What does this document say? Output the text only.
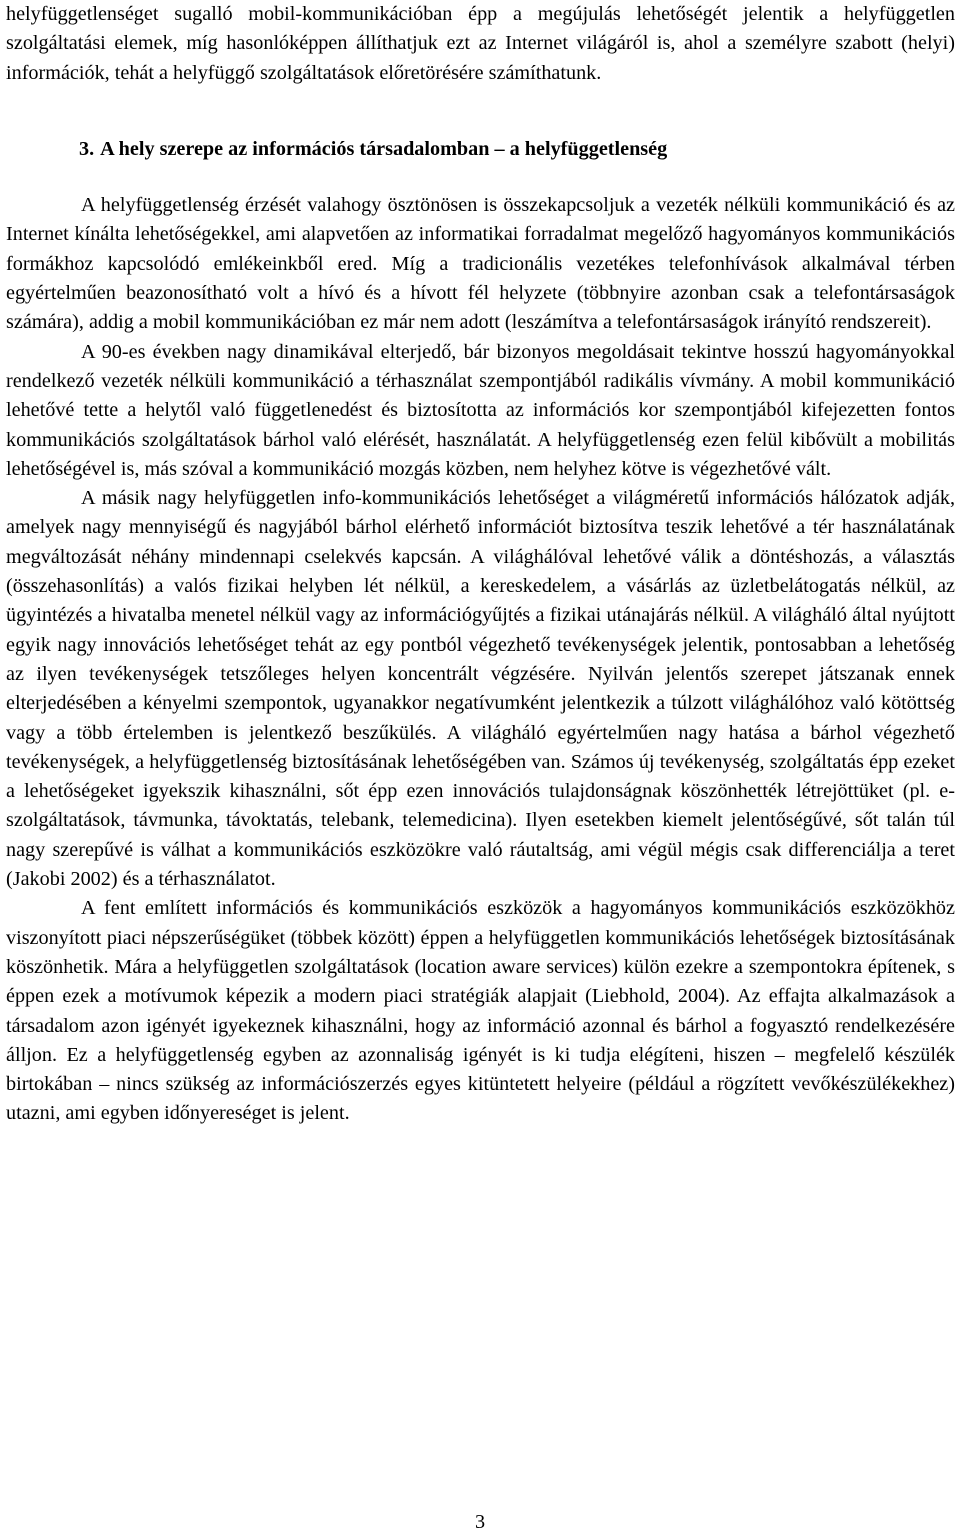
helyfüggetlenséget sugalló mobil-kommunikációban épp a megújulás lehetőségét jelentik a helyfüggetlen szolgáltatási elemek, míg hasonlóképpen állíthatjuk ezt az Internet világáról is, ahol a személyre szabott (helyi) információk, tehát a helyfüggő szolgáltatások előretörésére számíthatunk.

3. A hely szerepe az információs társadalomban – a helyfüggetlenség

A helyfüggetlenség érzését valahogy ösztönösen is összekapcsoljuk a vezeték nélküli kommunikáció és az Internet kínálta lehetőségekkel, ami alapvetően az informatikai forradalmat megelőző hagyományos kommunikációs formákhoz kapcsolódó emlékeinkből ered. Míg a tradicionális vezetékes telefonhívások alkalmával térben egyértelműen beazonosítható volt a hívó és a hívott fél helyzete (többnyire azonban csak a telefontársaságok számára), addig a mobil kommunikációban ez már nem adott (leszámítva a telefontársaságok irányító rendszereit).

A 90-es években nagy dinamikával elterjedő, bár bizonyos megoldásait tekintve hosszú hagyományokkal rendelkező vezeték nélküli kommunikáció a térhasználat szempontjából radikális vívmány. A mobil kommunikáció lehetővé tette a helytől való függetlenedést és biztosította az információs kor szempontjából kifejezetten fontos kommunikációs szolgáltatások bárhol való elérését, használatát. A helyfüggetlenség ezen felül kibővült a mobilitás lehetőségével is, más szóval a kommunikáció mozgás közben, nem helyhez kötve is végezhetővé vált.

A másik nagy helyfüggetlen info-kommunikációs lehetőséget a világméretű információs hálózatok adják, amelyek nagy mennyiségű és nagyjából bárhol elérhető információt biztosítva teszik lehetővé a tér használatának megváltozását néhány mindennapi cselekvés kapcsán. A világhálóval lehetővé válik a döntéshozás, a választás (összehasonlítás) a valós fizikai helyben lét nélkül, a kereskedelem, a vásárlás az üzletbelátogatás nélkül, az ügyintézés a hivatalba menetel nélkül vagy az információgyűjtés a fizikai utánajárás nélkül. A világháló által nyújtott egyik nagy innovációs lehetőséget tehát az egy pontból végezhető tevékenységek jelentik, pontosabban a lehetőség az ilyen tevékenységek tetszőleges helyen koncentrált végzésére. Nyilván jelentős szerepet játszanak ennek elterjedésében a kényelmi szempontok, ugyanakkor negatívumként jelentkezik a túlzott világhálóhoz való kötöttség vagy a több értelemben is jelentkező beszűkülés. A világháló egyértelműen nagy hatása a bárhol végezhető tevékenységek, a helyfüggetlenség biztosításának lehetőségében van. Számos új tevékenység, szolgáltatás épp ezeket a lehetőségeket igyekszik kihasználni, sőt épp ezen innovációs tulajdonságnak köszönhették létrejöttüket (pl. e-szolgáltatások, távmunka, távoktatás, telebank, telemedicina). Ilyen esetekben kiemelt jelentőségűvé, sőt talán túl nagy szerepűvé is válhat a kommunikációs eszközökre való ráutaltság, ami végül mégis csak differenciálja a teret (Jakobi 2002) és a térhasználatot.

A fent említett információs és kommunikációs eszközök a hagyományos kommunikációs eszközökhöz viszonyított piaci népszerűségüket (többek között) éppen a helyfüggetlen kommunikációs lehetőségek biztosításának köszönhetik. Mára a helyfüggetlen szolgáltatások (location aware services) külön ezekre a szempontokra építenek, s éppen ezek a motívumok képezik a modern piaci stratégiák alapjait (Liebhold, 2004). Az effajta alkalmazások a társadalom azon igényét igyekeznek kihasználni, hogy az információ azonnal és bárhol a fogyasztó rendelkezésére álljon. Ez a helyfüggetlenség egyben az azonnaliság igényét is ki tudja elégíteni, hiszen – megfelelő készülék birtokában – nincs szükség az információszerzés egyes kitüntetett helyeire (például a rögzített vevőkészülékekhez) utazni, ami egyben időnyereséget is jelent.

3
